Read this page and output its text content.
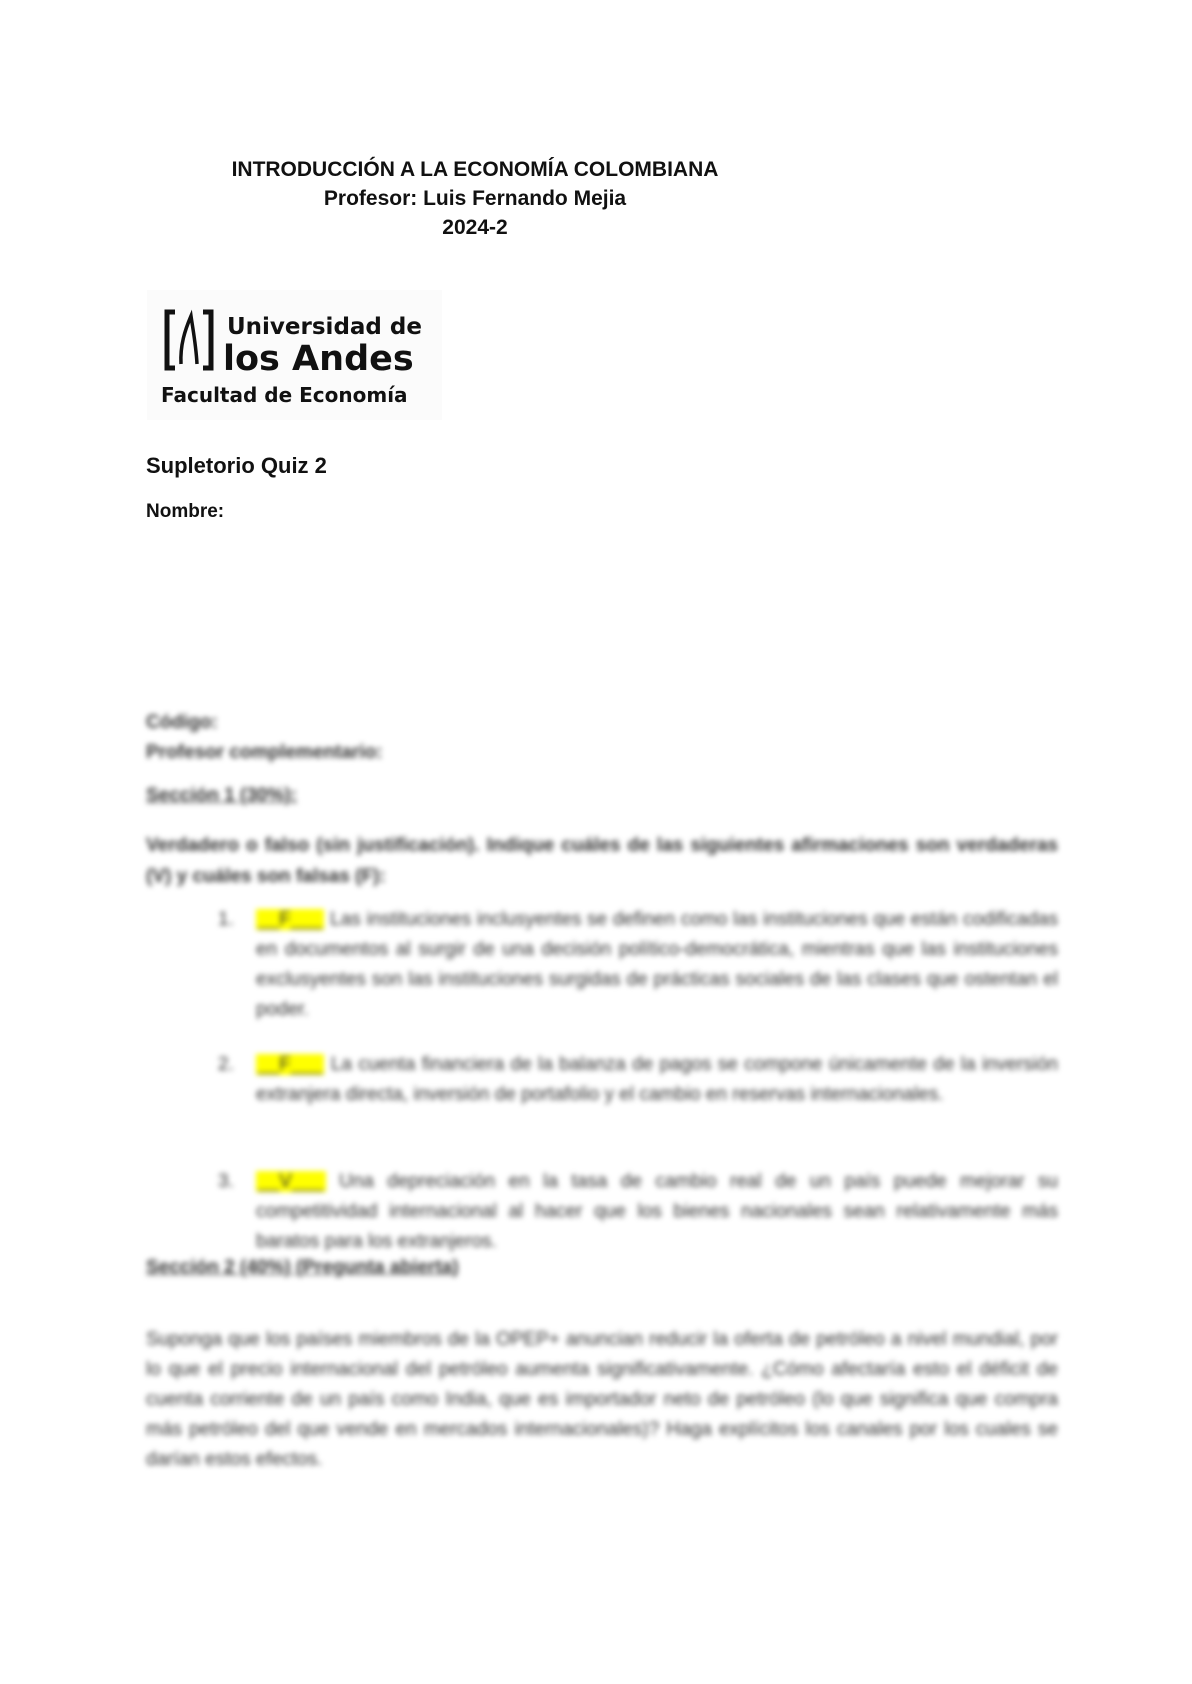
INTRODUCCIÓN A LA ECONOMÍA COLOMBIANA
Profesor: Luis Fernando Mejia
2024-2
Universidad de
los Andes
Facultad de Economía
Supletorio Quiz 2
Nombre:
Código:
Profesor complementario:
Sección 1 (30%):
Verdadero o falso (sin justificación). Indique cuáles de las siguientes afirmaciones son verdaderas (V) y cuáles son falsas (F):
1. __F___ Las instituciones inclusyentes se definen como las instituciones que están codificadas en documentos al surgir de una decisión político-democrática, mientras que las instituciones exclusyentes son las instituciones surgidas de prácticas sociales de las clases que ostentan el poder.
2. __F___ La cuenta financiera de la balanza de pagos se compone únicamente de la inversión extranjera directa, inversión de portafolio y el cambio en reservas internacionales.
3. __V___ Una depreciación en la tasa de cambio real de un país puede mejorar su competitividad internacional al hacer que los bienes nacionales sean relativamente más baratos para los extranjeros.
Sección 2 (40%) (Pregunta abierta)
Suponga que los países miembros de la OPEP+ anuncian reducir la oferta de petróleo a nivel mundial, por lo que el precio internacional del petróleo aumenta significativamente. ¿Cómo afectaría esto el déficit de cuenta corriente de un país como India, que es importador neto de petróleo (lo que significa que compra más petróleo del que vende en mercados internacionales)? Haga explícitos los canales por los cuales se darían estos efectos.
